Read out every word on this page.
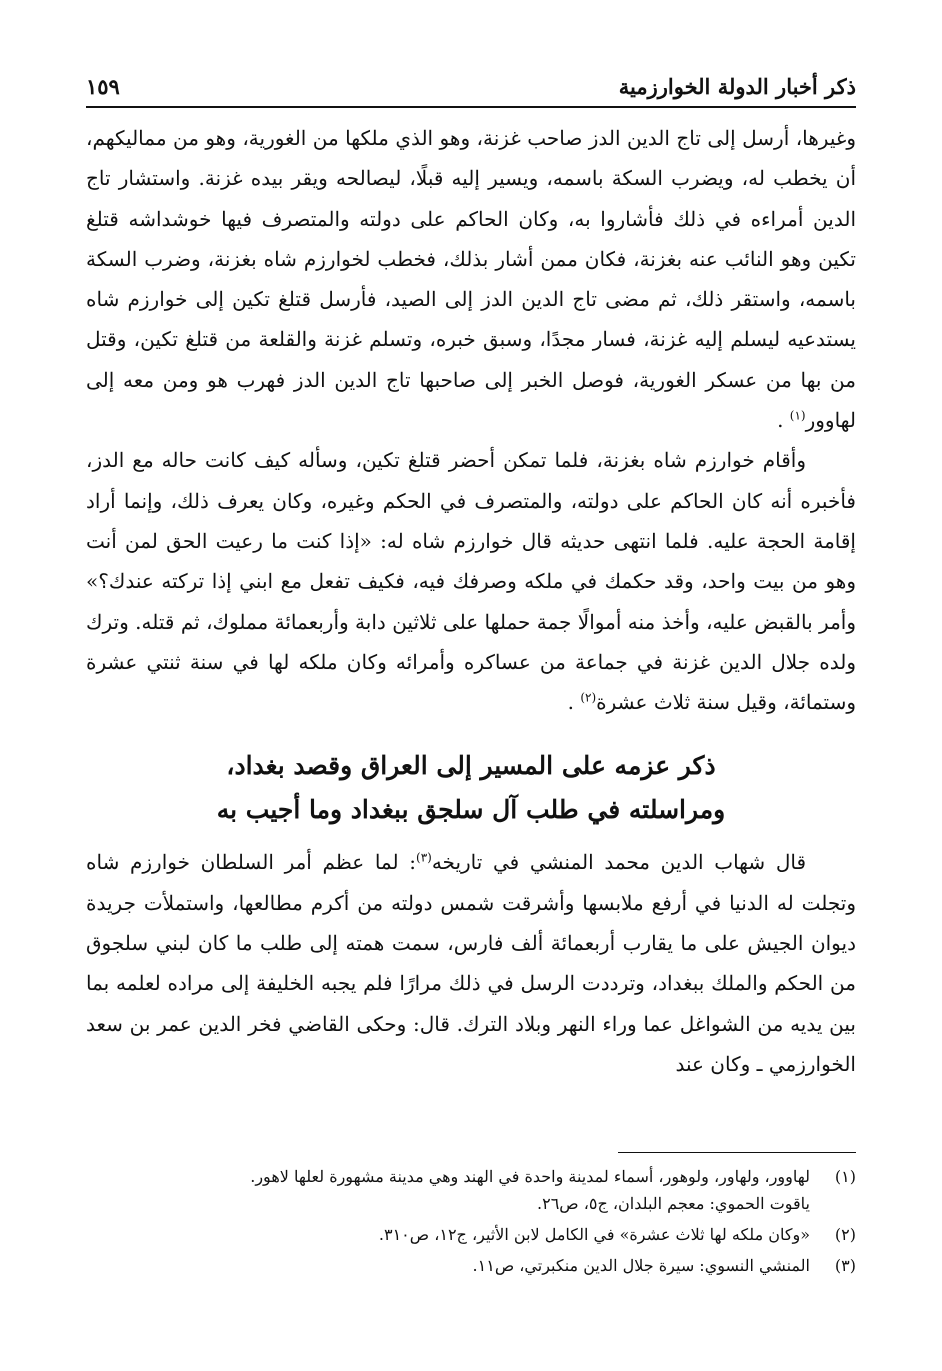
ذكر أخبار الدولة الخوارزمية
١٥٩

وغيرها، أرسل إلى تاج الدين الدز صاحب غزنة، وهو الذي ملكها من الغورية، وهو من مماليكهم، أن يخطب له، ويضرب السكة باسمه، ويسير إليه قبلًا، ليصالحه ويقر بيده غزنة. واستشار تاج الدين أمراءه في ذلك فأشاروا به، وكان الحاكم على دولته والمتصرف فيها خوشداشه قتلغ تكين وهو النائب عنه بغزنة، فكان ممن أشار بذلك، فخطب لخوارزم شاه بغزنة، وضرب السكة باسمه، واستقر ذلك، ثم مضى تاج الدين الدز إلى الصيد، فأرسل قتلغ تكين إلى خوارزم شاه يستدعيه ليسلم إليه غزنة، فسار مجدًا، وسبق خبره، وتسلم غزنة والقلعة من قتلغ تكين، وقتل من بها من عسكر الغورية، فوصل الخبر إلى صاحبها تاج الدين الدز فهرب هو ومن معه إلى لهاوور$^{(١)}$ .

وأقام خوارزم شاه بغزنة، فلما تمكن أحضر قتلغ تكين، وسأله كيف كانت حاله مع الدز، فأخبره أنه كان الحاكم على دولته، والمتصرف في الحكم وغيره، وكان يعرف ذلك، وإنما أراد إقامة الحجة عليه. فلما انتهى حديثه قال خوارزم شاه له: «إذا كنت ما رعيت الحق لمن أنت وهو من بيت واحد، وقد حكمك في ملكه وصرفك فيه، فكيف تفعل مع ابني إذا تركته عندك؟» وأمر بالقبض عليه، وأخذ منه أموالًا جمة حملها على ثلاثين دابة وأربعمائة مملوك، ثم قتله. وترك ولده جلال الدين غزنة في جماعة من عساكره وأمرائه وكان ملكه لها في سنة ثنتي عشرة وستمائة، وقيل سنة ثلاث عشرة$^{(٢)}$ .

ذكر عزمه على المسير إلى العراق وقصد بغداد،
ومراسلته في طلب آل سلجق ببغداد وما أجيب به

قال شهاب الدين محمد المنشي في تاريخه$^{(٣)}$: لما عظم أمر السلطان خوارزم شاه وتجلت له الدنيا في أرفع ملابسها وأشرقت شمس دولته من أكرم مطالعها، واستملأت جريدة ديوان الجيش على ما يقارب أربعمائة ألف فارس، سمت همته إلى طلب ما كان لبني سلجوق من الحكم والملك ببغداد، وترددت الرسل في ذلك مرارًا فلم يجبه الخليفة إلى مراده لعلمه بما بين يديه من الشواغل عما وراء النهر وبلاد الترك. قال: وحكى القاضي فخر الدين عمر بن سعد الخوارزمي ـ وكان عند

(١)
لهاوور، ولهاور، ولوهور، أسماء لمدينة واحدة في الهند وهي مدينة مشهورة لعلها لاهور.
ياقوت الحموي: معجم البلدان، ج٥، ص٢٦.
(٢)
«وكان ملكه لها ثلاث عشرة» في الكامل لابن الأثير، ج١٢، ص٣١٠.
(٣)
المنشي النسوي: سيرة جلال الدين منكبرتي، ص١١.
